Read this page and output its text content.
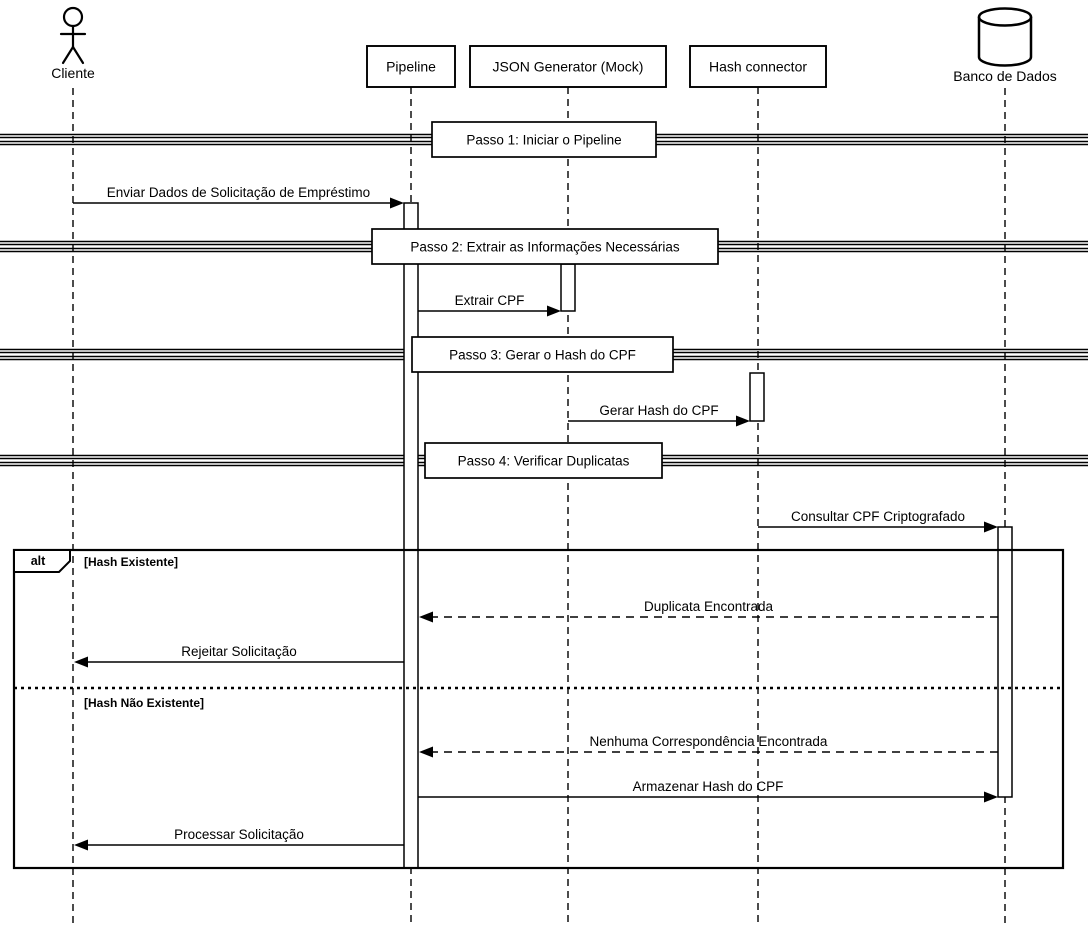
Passo 1: Iniciar o Pipeline
Passo 2: Extrair as Informações Necessárias
Passo 3: Gerar o Hash do CPF
Passo 4: Verificar Duplicatas
Cliente	Pipeline	JSON Generator (Mock)	Hash connector
Banco de Dados
Enviar Dados de Solicitação de Empréstimo
Extrair CPF
Gerar Hash do CPF
Consultar CPF Criptografado
Duplicata Encontrada
Rejeitar Solicitação
Nenhuma Correspondência Encontrada
Armazenar Hash do CPF
Processar Solicitação
alt	[Hash Existente]
[Hash Não Existente]
